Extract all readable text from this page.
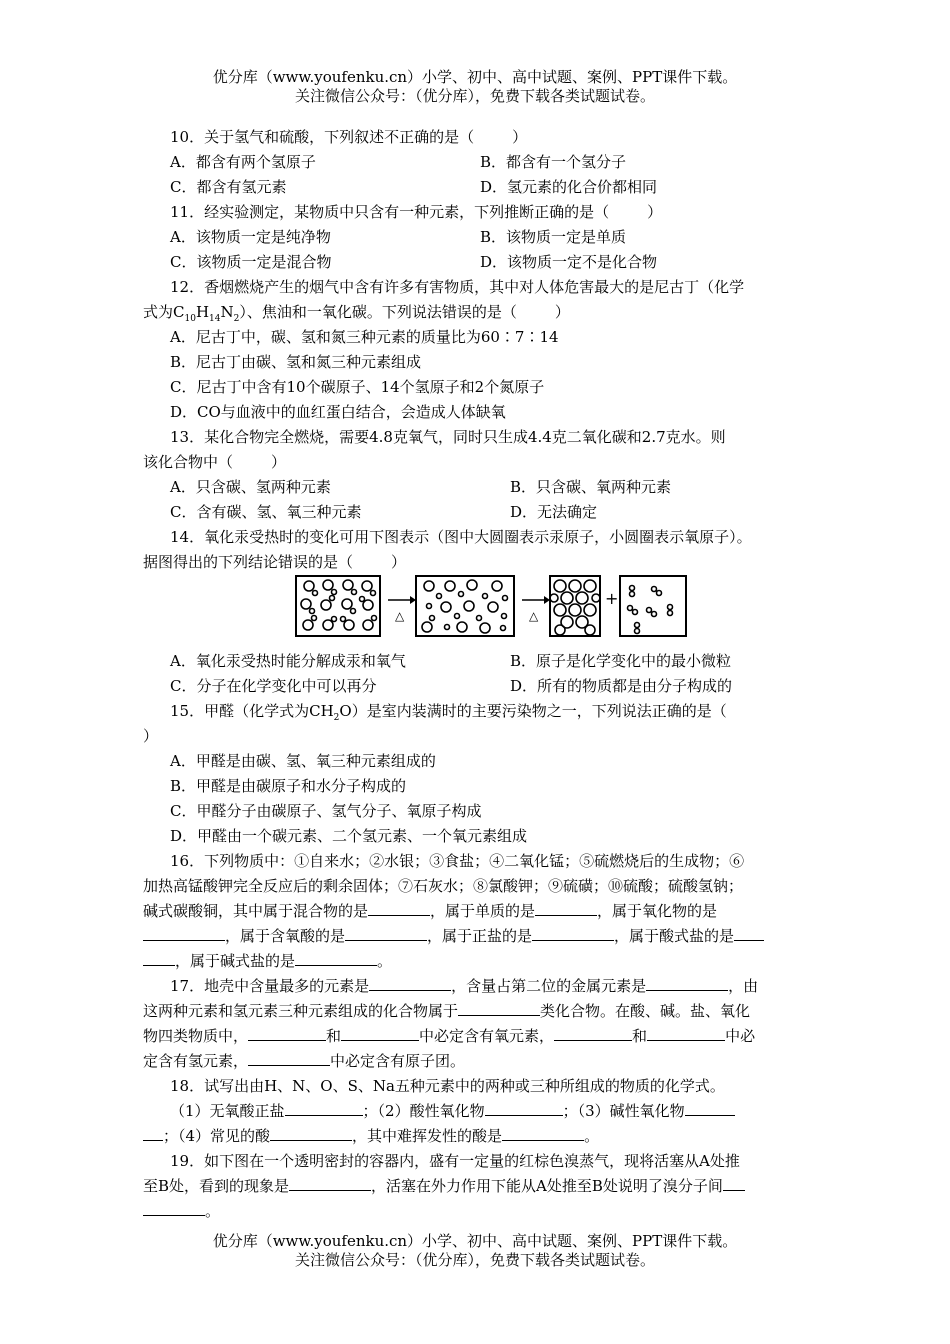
优分库（www.youfenku.cn）小学、初中、高中试题、案例、PPT课件下载。
关注微信公众号：（优分库），免费下载各类试题试卷。
10．关于氢气和硫酸，下列叙述不正确的是（	）
A．都含有两个氢原子	B．都含有一个氢分子
C．都含有氢元素	D．氢元素的化合价都相同
11．经实验测定，某物质中只含有一种元素，下列推断正确的是（	）
A．该物质一定是纯净物	B．该物质一定是单质
C．该物质一定是混合物	D．该物质一定不是化合物
12．香烟燃烧产生的烟气中含有许多有害物质，其中对人体危害最大的是尼古丁（化学
式为$C_{10}H_{14}N_2$）、焦油和一氧化碳。下列说法错误的是（	）
A．尼古丁中，碳、氢和氮三种元素的质量比为60∶7∶14
B．尼古丁由碳、氢和氮三种元素组成
C．尼古丁中含有10个碳原子、14个氢原子和2个氮原子
D．CO与血液中的血红蛋白结合，会造成人体缺氧
13．某化合物完全燃烧，需要4.8克氧气，同时只生成4.4克二氧化碳和2.7克水。则
该化合物中（	）
A．只含碳、氢两种元素	B．只含碳、氧两种元素
C．含有碳、氢、氧三种元素	D．无法确定
14．氧化汞受热时的变化可用下图表示（图中大圆圈表示汞原子，小圆圈表示氧原子）。
据图得出的下列结论错误的是（	）
△	△
+
A．氧化汞受热时能分解成汞和氧气	B．原子是化学变化中的最小微粒
C．分子在化学变化中可以再分	D．所有的物质都是由分子构成的
15．甲醛（化学式为$CH_2O$）是室内装满时的主要污染物之一，下列说法正确的是（
）
A．甲醛是由碳、氢、氧三种元素组成的
B．甲醛是由碳原子和水分子构成的
C．甲醛分子由碳原子、氢气分子、氧原子构成
D．甲醛由一个碳元素、二个氢元素、一个氧元素组成
16．下列物质中：①自来水；②水银；③食盐；④二氧化锰；⑤硫燃烧后的生成物；⑥
加热高锰酸钾完全反应后的剩余固体；⑦石灰水；⑧氯酸钾；⑨硫磺；⑩硫酸；硫酸氢钠；
碱式碳酸铜，其中属于混合物的是	，属于单质的是	，属于氧化物的是
，属于含氧酸的是	，属于正盐的是	，属于酸式盐的是
，属于碱式盐的是	。
17．地壳中含量最多的元素是	，含量占第二位的金属元素是	，由
这两种元素和氢元素三种元素组成的化合物属于	类化合物。在酸、碱。盐、氧化
物四类物质中，	和	中必定含有氧元素，	和	中必
定含有氢元素，	中必定含有原子团。
18．试写出由H、N、O、S、Na五种元素中的两种或三种所组成的物质的化学式。
（1）无氧酸正盐	；（2）酸性氧化物	；（3）碱性氧化物
；（4）常见的酸	，其中难挥发性的酸是	。
19．如下图在一个透明密封的容器内，盛有一定量的红棕色溴蒸气，现将活塞从A处推
至B处，看到的现象是	，活塞在外力作用下能从A处推至B处说明了溴分子间
。
优分库（www.youfenku.cn）小学、初中、高中试题、案例、PPT课件下载。
关注微信公众号：（优分库），免费下载各类试题试卷。
